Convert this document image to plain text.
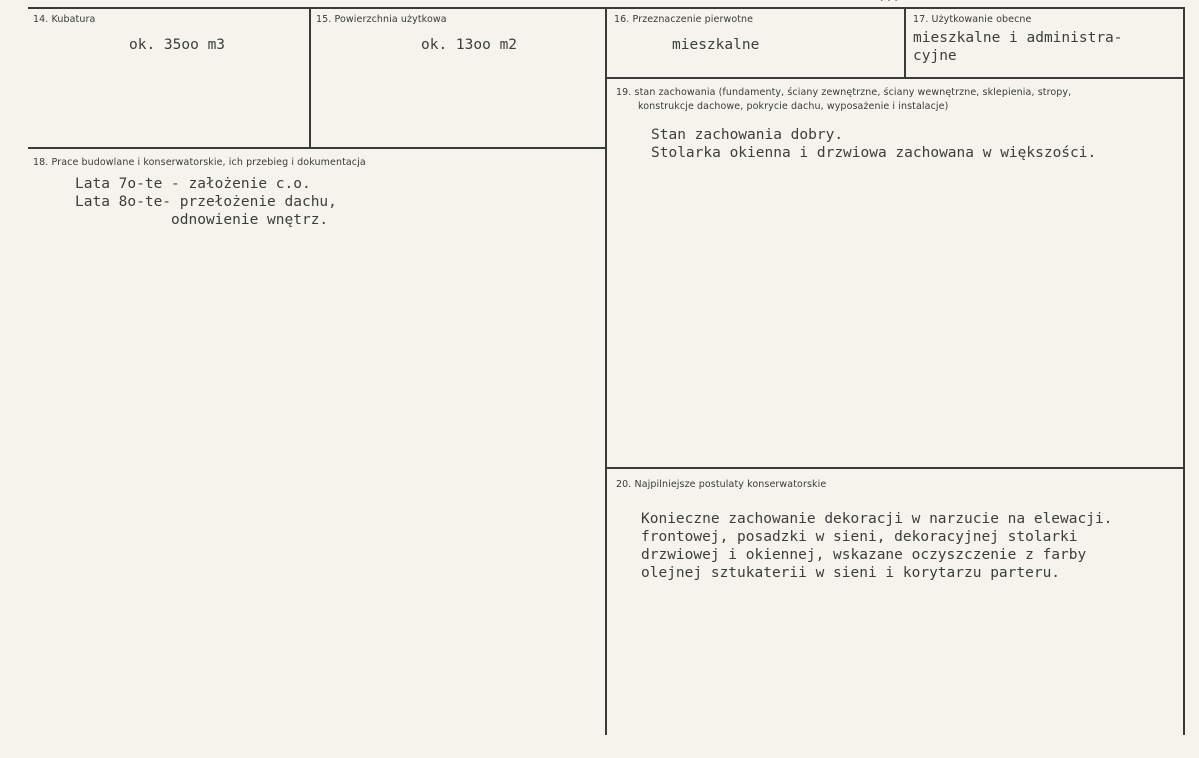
· · ·
14. Kubatura
ok. 35oo m3
15. Powierzchnia użytkowa
ok. 13oo m2
16. Przeznaczenie pierwotne
mieszkalne
17. Użytkowanie obecne
mieszkalne i administra-
cyjne
18. Prace budowlane i konserwatorskie, ich przebieg i dokumentacja
Lata 7o-te - założenie c.o.
Lata 8o-te- przełożenie dachu,
odnowienie wnętrz.
19. stan zachowania (fundamenty, ściany zewnętrzne, ściany wewnętrzne, sklepienia, stropy,
konstrukcje dachowe, pokrycie dachu, wyposażenie i instalacje)
Stan zachowania dobry.
Stolarka okienna i drzwiowa zachowana w większości.
20. Najpilniejsze postulaty konserwatorskie
Konieczne zachowanie dekoracji w narzucie na elewacji.
frontowej, posadzki w sieni, dekoracyjnej stolarki
drzwiowej i okiennej, wskazane oczyszczenie z farby
olejnej sztukaterii w sieni i korytarzu parteru.
